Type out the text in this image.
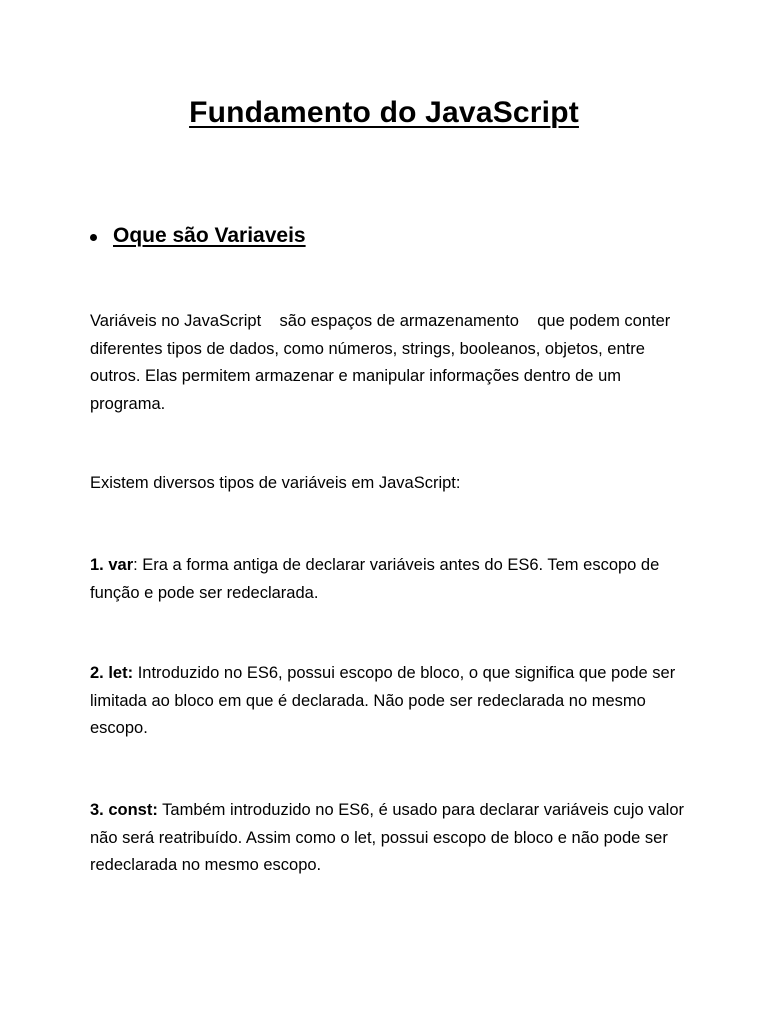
Fundamento do JavaScript
Oque são Variaveis

Variáveis no JavaScript    são espaços de armazenamento    que podem conter diferentes tipos de dados, como números, strings, booleanos, objetos, entre outros. Elas permitem armazenar e manipular informações dentro de um programa.

Existem diversos tipos de variáveis em JavaScript:

1. var: Era a forma antiga de declarar variáveis antes do ES6. Tem escopo de função e pode ser redeclarada.

2. let: Introduzido no ES6, possui escopo de bloco, o que significa que pode ser limitada ao bloco em que é declarada. Não pode ser redeclarada no mesmo escopo.

3. const: Também introduzido no ES6, é usado para declarar variáveis cujo valor não será reatribuído. Assim como o let, possui escopo de bloco e não pode ser redeclarada no mesmo escopo.
